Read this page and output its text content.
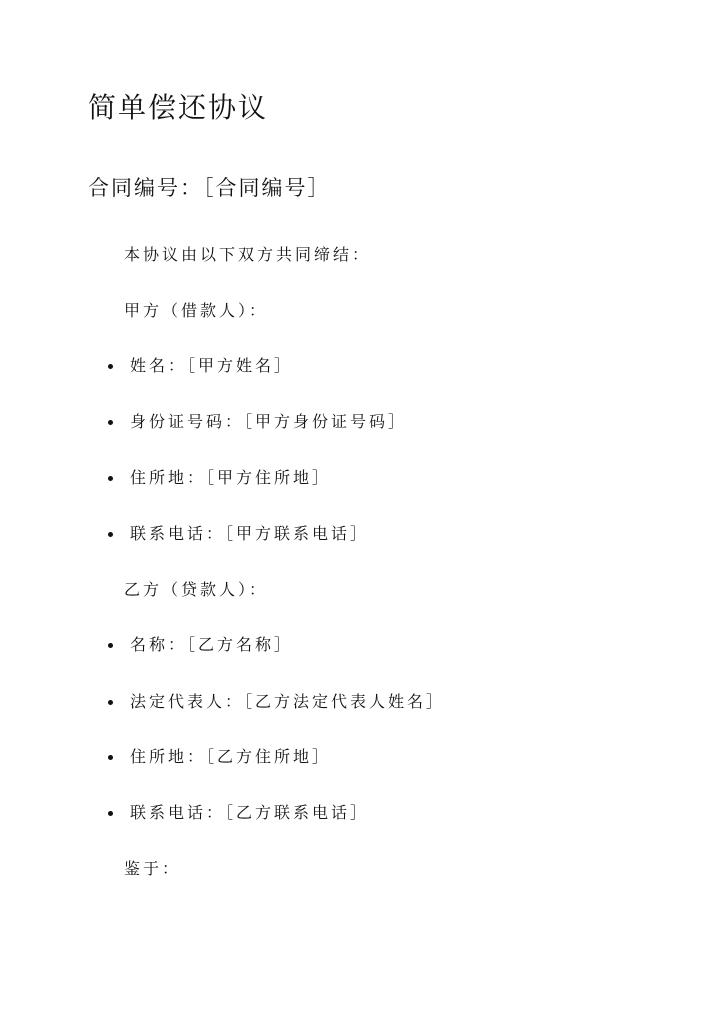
简单偿还协议
合同编号：［合同编号］
本协议由以下双方共同缔结：
甲方（借款人）：
姓名：［甲方姓名］
身份证号码：［甲方身份证号码］
住所地：［甲方住所地］
联系电话：［甲方联系电话］
乙方（贷款人）：
名称：［乙方名称］
法定代表人：［乙方法定代表人姓名］
住所地：［乙方住所地］
联系电话：［乙方联系电话］
鉴于：
